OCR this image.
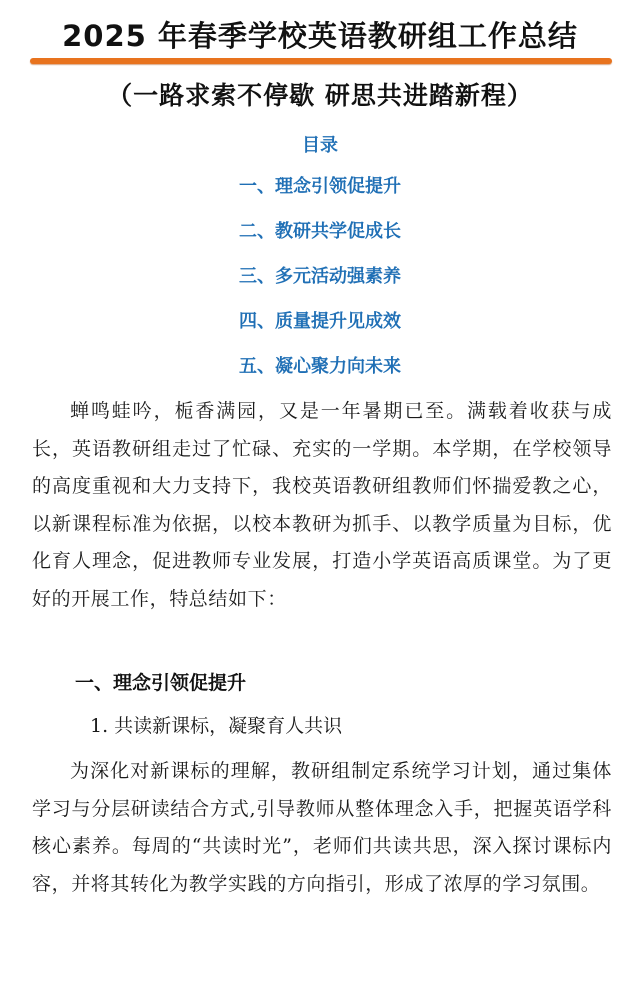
2025 年春季学校英语教研组工作总结
（一路求索不停歇 研思共进踏新程）
目录
一、理念引领促提升
二、教研共学促成长
三、多元活动强素养
四、质量提升见成效
五、凝心聚力向未来

蝉鸣蛙吟，栀香满园，又是一年暑期已至。满载着收获与成长，英语教研组走过了忙碌、充实的一学期。本学期，在学校领导的高度重视和大力支持下，我校英语教研组教师们怀揣爱教之心，以新课程标准为依据，以校本教研为抓手、以教学质量为目标，优化育人理念，促进教师专业发展，打造小学英语高质课堂。为了更好的开展工作，特总结如下：

一、理念引领促提升
1. 共读新课标，凝聚育人共识

为深化对新课标的理解，教研组制定系统学习计划，通过集体学习与分层研读结合方式,引导教师从整体理念入手，把握英语学科核心素养。每周的“共读时光”，老师们共读共思，深入探讨课标内容，并将其转化为教学实践的方向指引，形成了浓厚的学习氛围。
